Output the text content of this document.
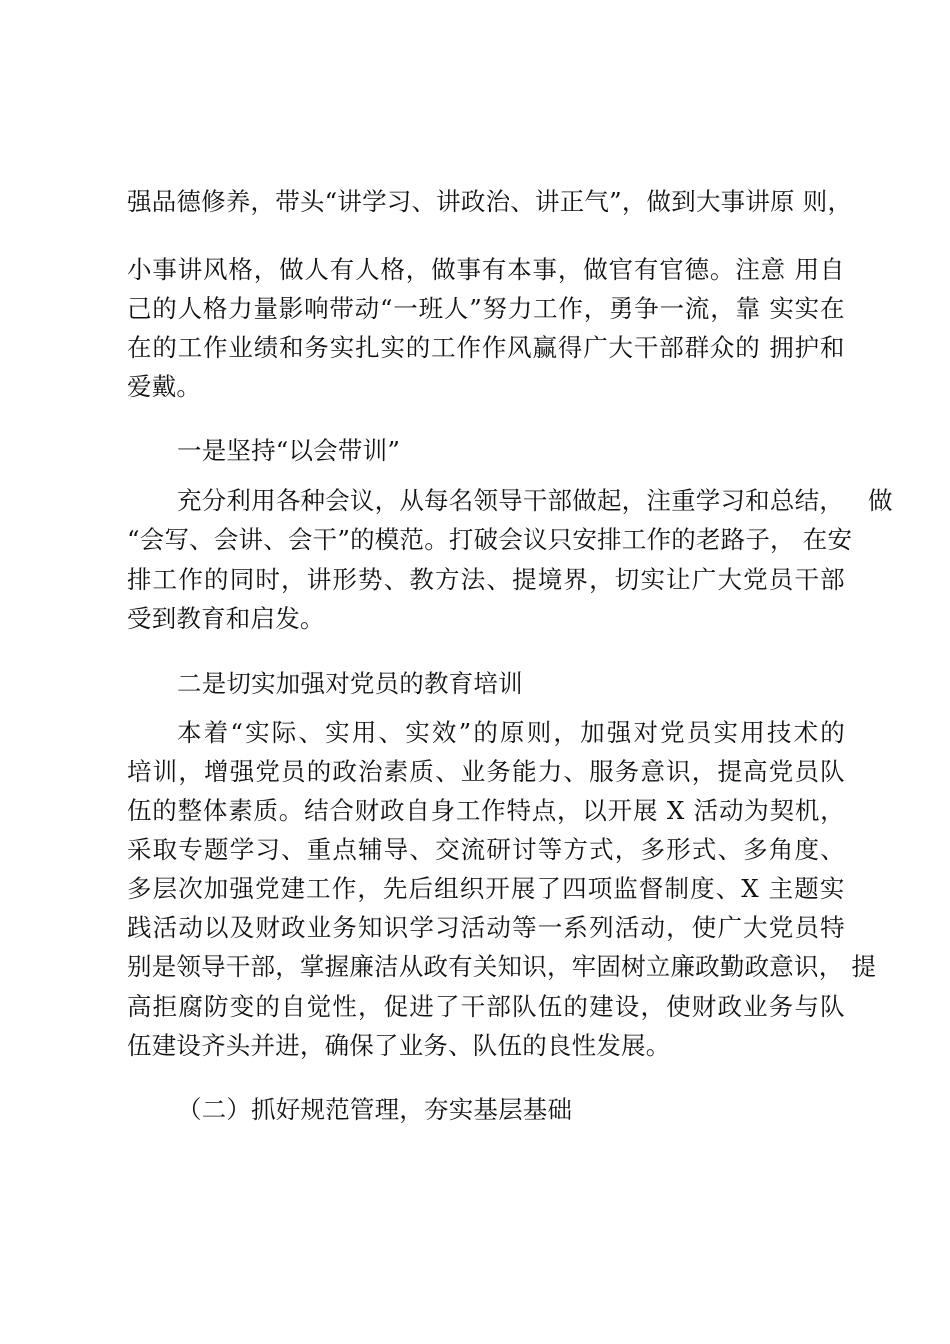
强 品 德 修 养 ， 带 头 “ 讲 学 习 、 讲 政 治 、 讲 正 气 ” ， 做 到 大 事 讲 原
则 ，
小 事 讲 风 格 ， 做 人 有 人 格 ， 做 事 有 本 事 ， 做 官 有 官 德 。 注 意
用 自
己 的 人 格 力 量 影 响 带 动 “ 一 班 人 ” 努 力 工 作 ， 勇 争 一 流 ， 靠
实 实 在
在 的 工 作 业 绩 和 务 实 扎 实 的 工 作 作 风 赢 得 广 大 干 部 群 众 的
拥 护 和
爱戴。
一是坚持“以会带训”
充 分 利 用 各 种 会 议 ， 从 每 名 领 导 干 部 做 起 ， 注 重 学 习 和 总 结 ，

做
“ 会 写 、 会 讲 、 会 干 ” 的 模 范 。 打 破 会 议 只 安 排 工 作 的 老 路 子 ，
在 安
排 工 作 的 同 时 ， 讲 形 势 、 教 方 法 、 提 境 界 ， 切 实 让 广 大 党 员 干 部
受到教育和启发。
二是切实加强对党员的教育培训
本 着 “ 实 际 、 实 用 、 实 效 ” 的 原 则 ， 加 强 对 党 员 实 用 技 术 的
培 训 ， 增 强 党 员 的 政 治 素 质 、 业 务 能 力 、 服 务 意 识 ， 提 高 党 员 队
伍 的 整 体 素 质 。 结 合 财 政 自 身 工 作 特 点 ， 以 开 展
X
活 动 为 契 机 ，
采 取 专 题 学 习 、 重 点 辅 导 、 交 流 研 讨 等 方 式 ， 多 形 式 、 多 角 度 、
多 层 次 加 强 党 建 工 作 ， 先 后 组 织 开 展 了 四 项 监 督 制 度 、 X
主 题 实
践 活 动 以 及 财 政 业 务 知 识 学 习 活 动 等 一 系 列 活 动 ， 使 广 大 党 员 特
别 是 领 导 干 部 ， 掌 握 廉 洁 从 政 有 关 知 识 ， 牢 固 树 立 廉 政 勤 政 意 识 ，
提
高 拒 腐 防 变 的 自 觉 性 ， 促 进 了 干 部 队 伍 的 建 设 ， 使 财 政 业 务 与 队
伍建设齐头并进，确保了业务、队伍的良性发展。
（二）抓好规范管理，夯实基层基础
